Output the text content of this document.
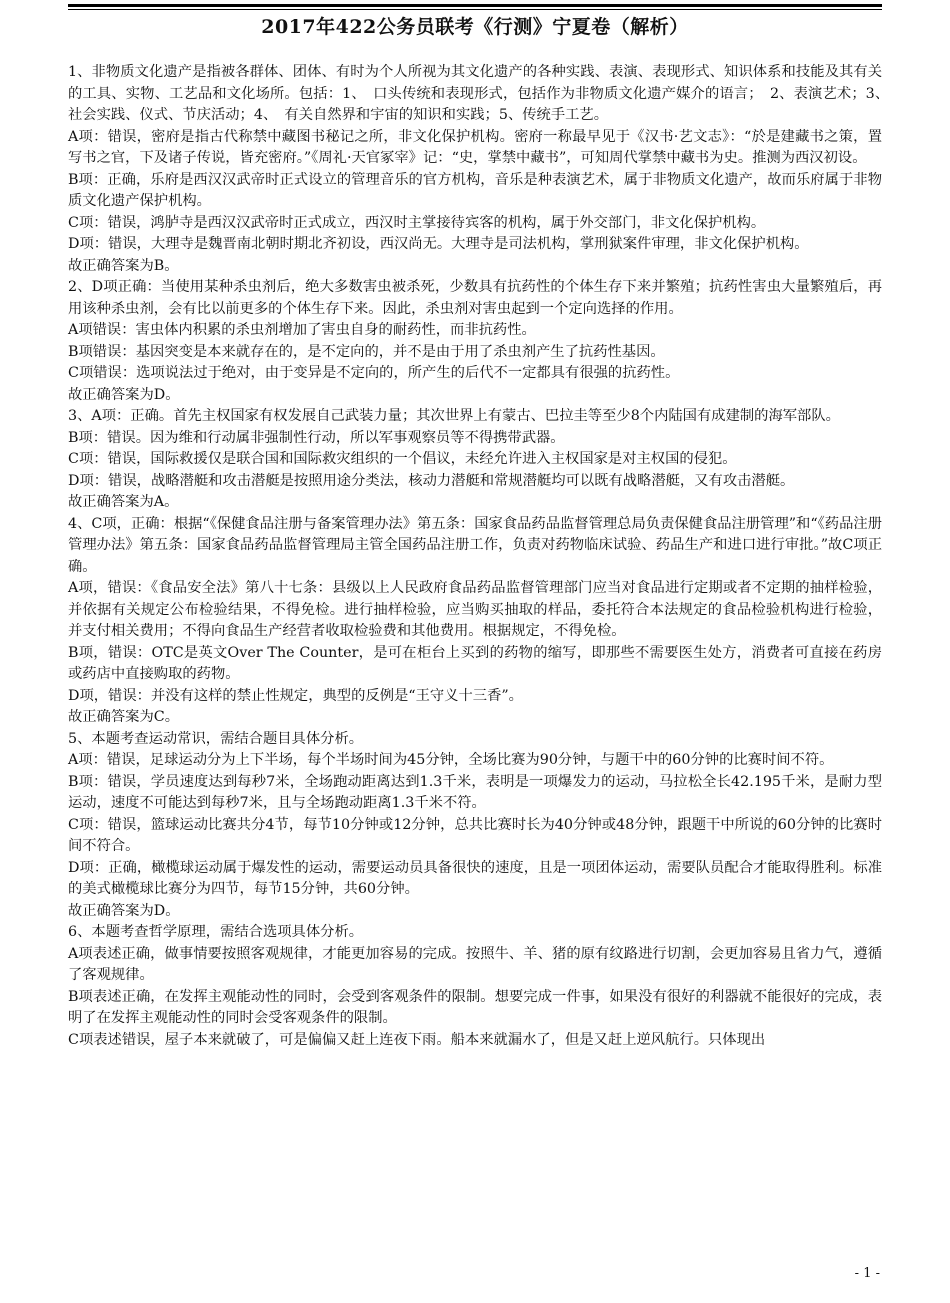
2017年422公务员联考《行测》宁夏卷（解析）

1、非物质文化遗产是指被各群体、团体、有时为个人所视为其文化遗产的各种实践、表演、表现形式、知识体系和技能及其有关的工具、实物、工艺品和文化场所。包括：1、　口头传统和表现形式，包括作为非物质文化遗产媒介的语言；　2、表演艺术；3、　社会实践、仪式、节庆活动；4、　有关自然界和宇宙的知识和实践；5、传统手工艺。

A项：错误，密府是指古代称禁中藏图书秘记之所，非文化保护机构。密府一称最早见于《汉书·艺文志》：“於是建藏书之策，置写书之官，下及诸子传说，皆充密府。”《周礼·天官冢宰》记：“史，掌禁中藏书”，可知周代掌禁中藏书为史。推测为西汉初设。

B项：正确，乐府是西汉汉武帝时正式设立的管理音乐的官方机构，音乐是种表演艺术，属于非物质文化遗产，故而乐府属于非物质文化遗产保护机构。

C项：错误，鸿胪寺是西汉汉武帝时正式成立，西汉时主掌接待宾客的机构，属于外交部门，非文化保护机构。

D项：错误，大理寺是魏晋南北朝时期北齐初设，西汉尚无。大理寺是司法机构，掌刑狱案件审理，非文化保护机构。

故正确答案为B。

2、D项正确：当使用某种杀虫剂后，绝大多数害虫被杀死，少数具有抗药性的个体生存下来并繁殖；抗药性害虫大量繁殖后，再用该种杀虫剂，会有比以前更多的个体生存下来。因此，杀虫剂对害虫起到一个定向选择的作用。

A项错误：害虫体内积累的杀虫剂增加了害虫自身的耐药性，而非抗药性。

B项错误：基因突变是本来就存在的，是不定向的，并不是由于用了杀虫剂产生了抗药性基因。

C项错误：选项说法过于绝对，由于变异是不定向的，所产生的后代不一定都具有很强的抗药性。

故正确答案为D。

3、A项：正确。首先主权国家有权发展自己武装力量；其次世界上有蒙古、巴拉圭等至少8个内陆国有成建制的海军部队。

B项：错误。因为维和行动属非强制性行动，所以军事观察员等不得携带武器。

C项：错误，国际救援仅是联合国和国际救灾组织的一个倡议，未经允许进入主权国家是对主权国的侵犯。

D项：错误，战略潜艇和攻击潜艇是按照用途分类法，核动力潜艇和常规潜艇均可以既有战略潜艇，又有攻击潜艇。

故正确答案为A。

4、C项，正确：根据“《保健食品注册与备案管理办法》第五条：国家食品药品监督管理总局负责保健食品注册管理”和“《药品注册管理办法》第五条：国家食品药品监督管理局主管全国药品注册工作，负责对药物临床试验、药品生产和进口进行审批。”故C项正确。

A项，错误：《食品安全法》第八十七条：县级以上人民政府食品药品监督管理部门应当对食品进行定期或者不定期的抽样检验，并依据有关规定公布检验结果，不得免检。进行抽样检验，应当购买抽取的样品，委托符合本法规定的食品检验机构进行检验，并支付相关费用；不得向食品生产经营者收取检验费和其他费用。根据规定，不得免检。

B项，错误：OTC是英文Over The Counter，是可在柜台上买到的药物的缩写，即那些不需要医生处方，消费者可直接在药房或药店中直接购取的药物。

D项，错误：并没有这样的禁止性规定，典型的反例是“王守义十三香”。

故正确答案为C。

5、本题考查运动常识，需结合题目具体分析。

A项：错误，足球运动分为上下半场，每个半场时间为45分钟，全场比赛为90分钟，与题干中的60分钟的比赛时间不符。

B项：错误，学员速度达到每秒7米，全场跑动距离达到1.3千米，表明是一项爆发力的运动，马拉松全长42.195千米，是耐力型运动，速度不可能达到每秒7米，且与全场跑动距离1.3千米不符。

C项：错误，篮球运动比赛共分4节，每节10分钟或12分钟，总共比赛时长为40分钟或48分钟，跟题干中所说的60分钟的比赛时间不符合。

D项：正确，橄榄球运动属于爆发性的运动，需要运动员具备很快的速度，且是一项团体运动，需要队员配合才能取得胜利。标准的美式橄榄球比赛分为四节，每节15分钟，共60分钟。

故正确答案为D。

6、本题考查哲学原理，需结合选项具体分析。

A项表述正确，做事情要按照客观规律，才能更加容易的完成。按照牛、羊、猪的原有纹路进行切割，会更加容易且省力气，遵循了客观规律。

B项表述正确，在发挥主观能动性的同时，会受到客观条件的限制。想要完成一件事，如果没有很好的利器就不能很好的完成，表明了在发挥主观能动性的同时会受客观条件的限制。

C项表述错误，屋子本来就破了，可是偏偏又赶上连夜下雨。船本来就漏水了，但是又赶上逆风航行。只体现出

- 1 -
